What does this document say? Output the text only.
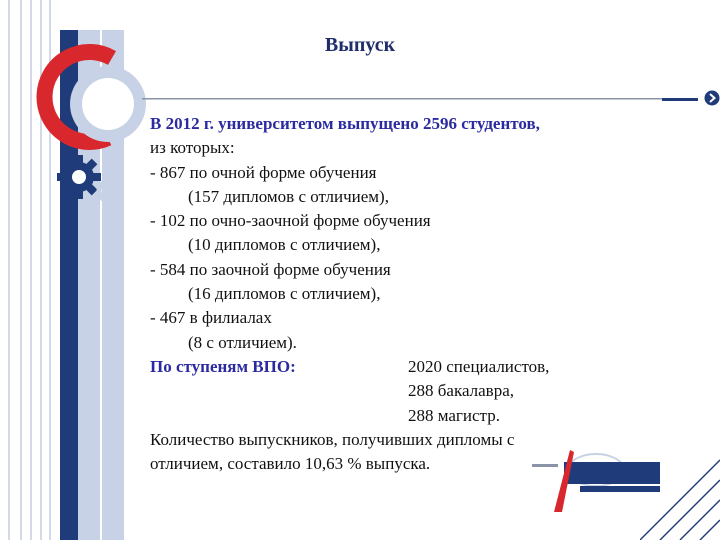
Выпуск
В 2012 г. университетом выпущено 2596 студентов,
из которых:
- 867 по очной форме обучения
(157 дипломов с отличием),
- 102 по очно-заочной форме обучения
(10 дипломов с отличием),
- 584 по заочной форме обучения
(16 дипломов с отличием),
- 467 в филиалах
(8 с отличием).
По ступеням ВПО:	2020 специалистов,
288 бакалавра,
288 магистр.
Количество выпускников, получивших дипломы с
отличием, составило 10,63 % выпуска.
